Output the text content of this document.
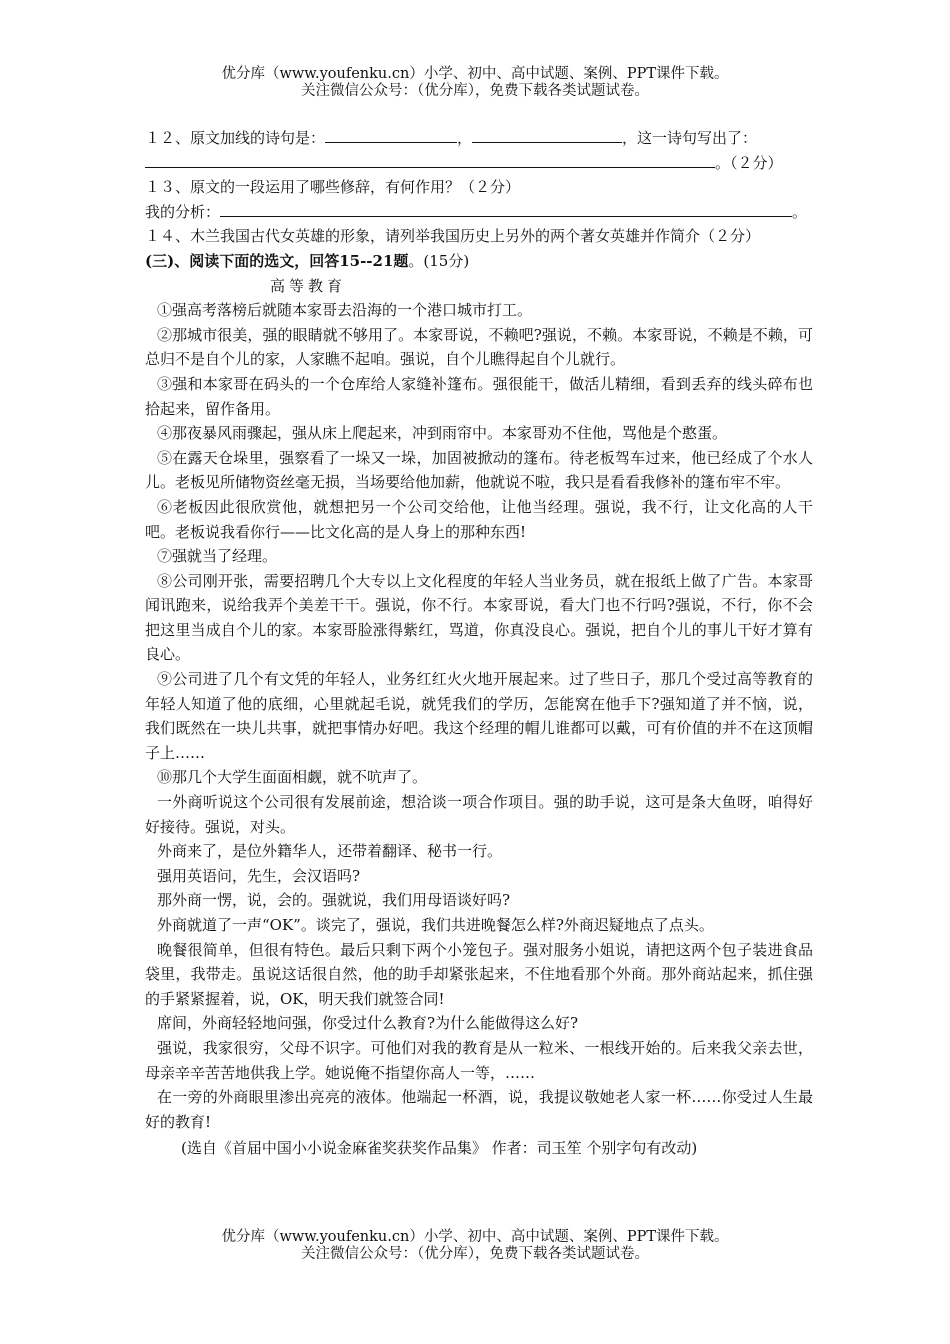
优分库（www.youfenku.cn）小学、初中、高中试题、案例、PPT课件下载。
关注微信公众号：（优分库），免费下载各类试题试卷。
１２、原文加线的诗句是：	，	，这一诗句写出了：
。（２分）
１３、原文的一段运用了哪些修辞，有何作用？（２分）
我的分析：	。
１４、木兰我国古代女英雄的形象，请列举我国历史上另外的两个著女英雄并作简介（２分）
(三)、阅读下面的选文，回答15--21题。(15分)
高等教育

①强高考落榜后就随本家哥去沿海的一个港口城市打工。

②那城市很美，强的眼睛就不够用了。本家哥说，不赖吧?强说，不赖。本家哥说，不赖是不赖，可总归不是自个儿的家，人家瞧不起咱。强说，自个儿瞧得起自个儿就行。

③强和本家哥在码头的一个仓库给人家缝补篷布。强很能干，做活儿精细，看到丢弃的线头碎布也拾起来，留作备用。

④那夜暴风雨骤起，强从床上爬起来，冲到雨帘中。本家哥劝不住他，骂他是个憨蛋。

⑤在露天仓垛里，强察看了一垛又一垛，加固被掀动的篷布。待老板驾车过来，他已经成了个水人儿。老板见所储物资丝毫无损，当场要给他加薪，他就说不啦，我只是看看我修补的篷布牢不牢。

⑥老板因此很欣赏他，就想把另一个公司交给他，让他当经理。强说，我不行，让文化高的人干吧。老板说我看你行——比文化高的是人身上的那种东西!

⑦强就当了经理。

⑧公司刚开张，需要招聘几个大专以上文化程度的年轻人当业务员，就在报纸上做了广告。本家哥闻讯跑来，说给我弄个美差干干。强说，你不行。本家哥说，看大门也不行吗?强说，不行，你不会把这里当成自个儿的家。本家哥脸涨得紫红，骂道，你真没良心。强说，把自个儿的事儿干好才算有良心。

⑨公司进了几个有文凭的年轻人，业务红红火火地开展起来。过了些日子，那几个受过高等教育的年轻人知道了他的底细，心里就起毛说，就凭我们的学历，怎能窝在他手下?强知道了并不恼，说，我们既然在一块儿共事，就把事情办好吧。我这个经理的帽儿谁都可以戴，可有价值的并不在这顶帽子上……

⑩那几个大学生面面相觑，就不吭声了。

一外商听说这个公司很有发展前途，想洽谈一项合作项目。强的助手说，这可是条大鱼呀，咱得好好接待。强说，对头。

外商来了，是位外籍华人，还带着翻译、秘书一行。

强用英语问，先生，会汉语吗?

那外商一愣，说，会的。强就说，我们用母语谈好吗?

外商就道了一声“OK”。谈完了，强说，我们共进晚餐怎么样?外商迟疑地点了点头。

晚餐很简单，但很有特色。最后只剩下两个小笼包子。强对服务小姐说，请把这两个包子装进食品袋里，我带走。虽说这话很自然，他的助手却紧张起来，不住地看那个外商。那外商站起来，抓住强的手紧紧握着，说，OK，明天我们就签合同!

席间，外商轻轻地问强，你受过什么教育?为什么能做得这么好?

强说，我家很穷，父母不识字。可他们对我的教育是从一粒米、一根线开始的。后来我父亲去世，母亲辛辛苦苦地供我上学。她说俺不指望你高人一等，……

在一旁的外商眼里渗出亮亮的液体。他端起一杯酒，说，我提议敬她老人家一杯……你受过人生最好的教育!

(选自《首届中国小小说金麻雀奖获奖作品集》 作者：司玉笙 个别字句有改动)
优分库（www.youfenku.cn）小学、初中、高中试题、案例、PPT课件下载。
关注微信公众号：（优分库），免费下载各类试题试卷。
